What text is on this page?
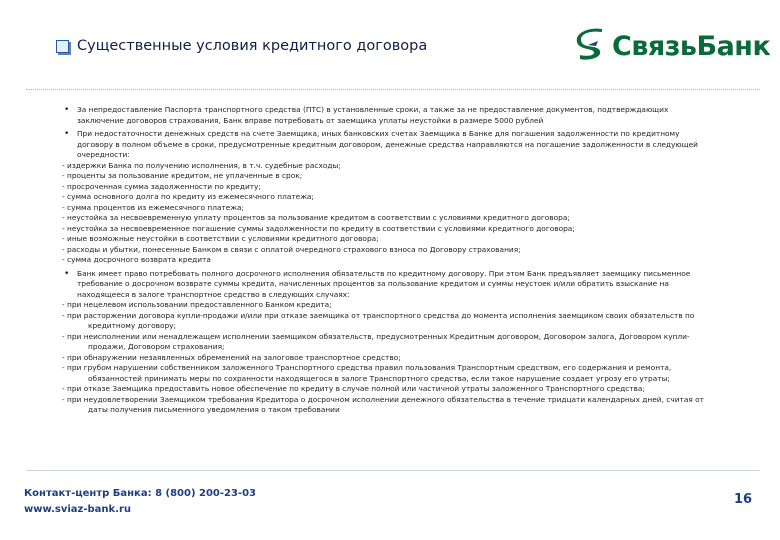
Существенные условия кредитного договора	СвязьБанк
• За непредоставление Паспорта транспортного средства (ПТС) в установленные сроки, а также за не предоставление документов, подтверждающих заключение договоров страхования, Банк вправе потребовать от заемщика уплаты неустойки в размере 5000 рублей
• При недостаточности денежных средств на счете Заемщика, иных банковских счетах Заемщика в Банке для погашения задолженности по кредитному договору в полном объеме в сроки, предусмотренные кредитным договором, денежные средства направляются на погашение задолженности в следующей очередности:
- издержки Банка по получению исполнения, в т.ч. судебные расходы;
- проценты за пользование кредитом, не уплаченные в срок;
- просроченная сумма задолженности по кредиту;
- сумма основного долга по кредиту из ежемесячного платежа;
- сумма процентов из ежемесячного платежа;
- неустойка за несвоевременную уплату процентов за пользование кредитом в соответствии с условиями кредитного договора;
- неустойка за несвоевременное погашение суммы задолженности по кредиту в соответствии с условиями кредитного договора;
- иные возможные неустойки в соответствии с условиями кредитного договора;
- расходы и убытки, понесенные Банком в связи с оплатой очередного страхового взноса по Договору страхования;
- сумма досрочного возврата кредита
• Банк имеет право потребовать полного досрочного исполнения обязательств по кредитному договору. При этом Банк предъявляет заемщику письменное требование о досрочном возврате суммы кредита, начисленных процентов за пользование кредитом и суммы неустоек и/или обратить взыскание на находящееся в залоге транспортное средство в следующих случаях:
- при нецелевом использовании предоставленного Банком кредита;
- при расторжении договора купли-продажи и/или при отказе заемщика от транспортного средства до момента исполнения заемщиком своих обязательств по кредитному договору;
- при неисполнении или ненадлежащем исполнении заемщиком обязательств, предусмотренных Кредитным договором, Договором залога, Договором купли-продажи, Договором страхования;
- при обнаружении незаявленных обременений на залоговое транспортное средство;
- при грубом нарушении собственником заложенного Транспортного средства правил пользования Транспортным средством, его содержания и ремонта, обязанностей принимать меры по сохранности находящегося в залоге Транспортного средства, если такое нарушение создает угрозу его утраты;
- при отказе Заемщика предоставить новое обеспечение по кредиту в случае полной или частичной утраты заложенного Транспортного средства;
- при неудовлетворении Заемщиком требования Кредитора о досрочном исполнении денежного обязательства в течение тридцати календарных дней, считая от даты получения письменного уведомления о таком требовании
Контакт-центр Банка: 8 (800) 200-23-03
www.sviaz-bank.ru
16
